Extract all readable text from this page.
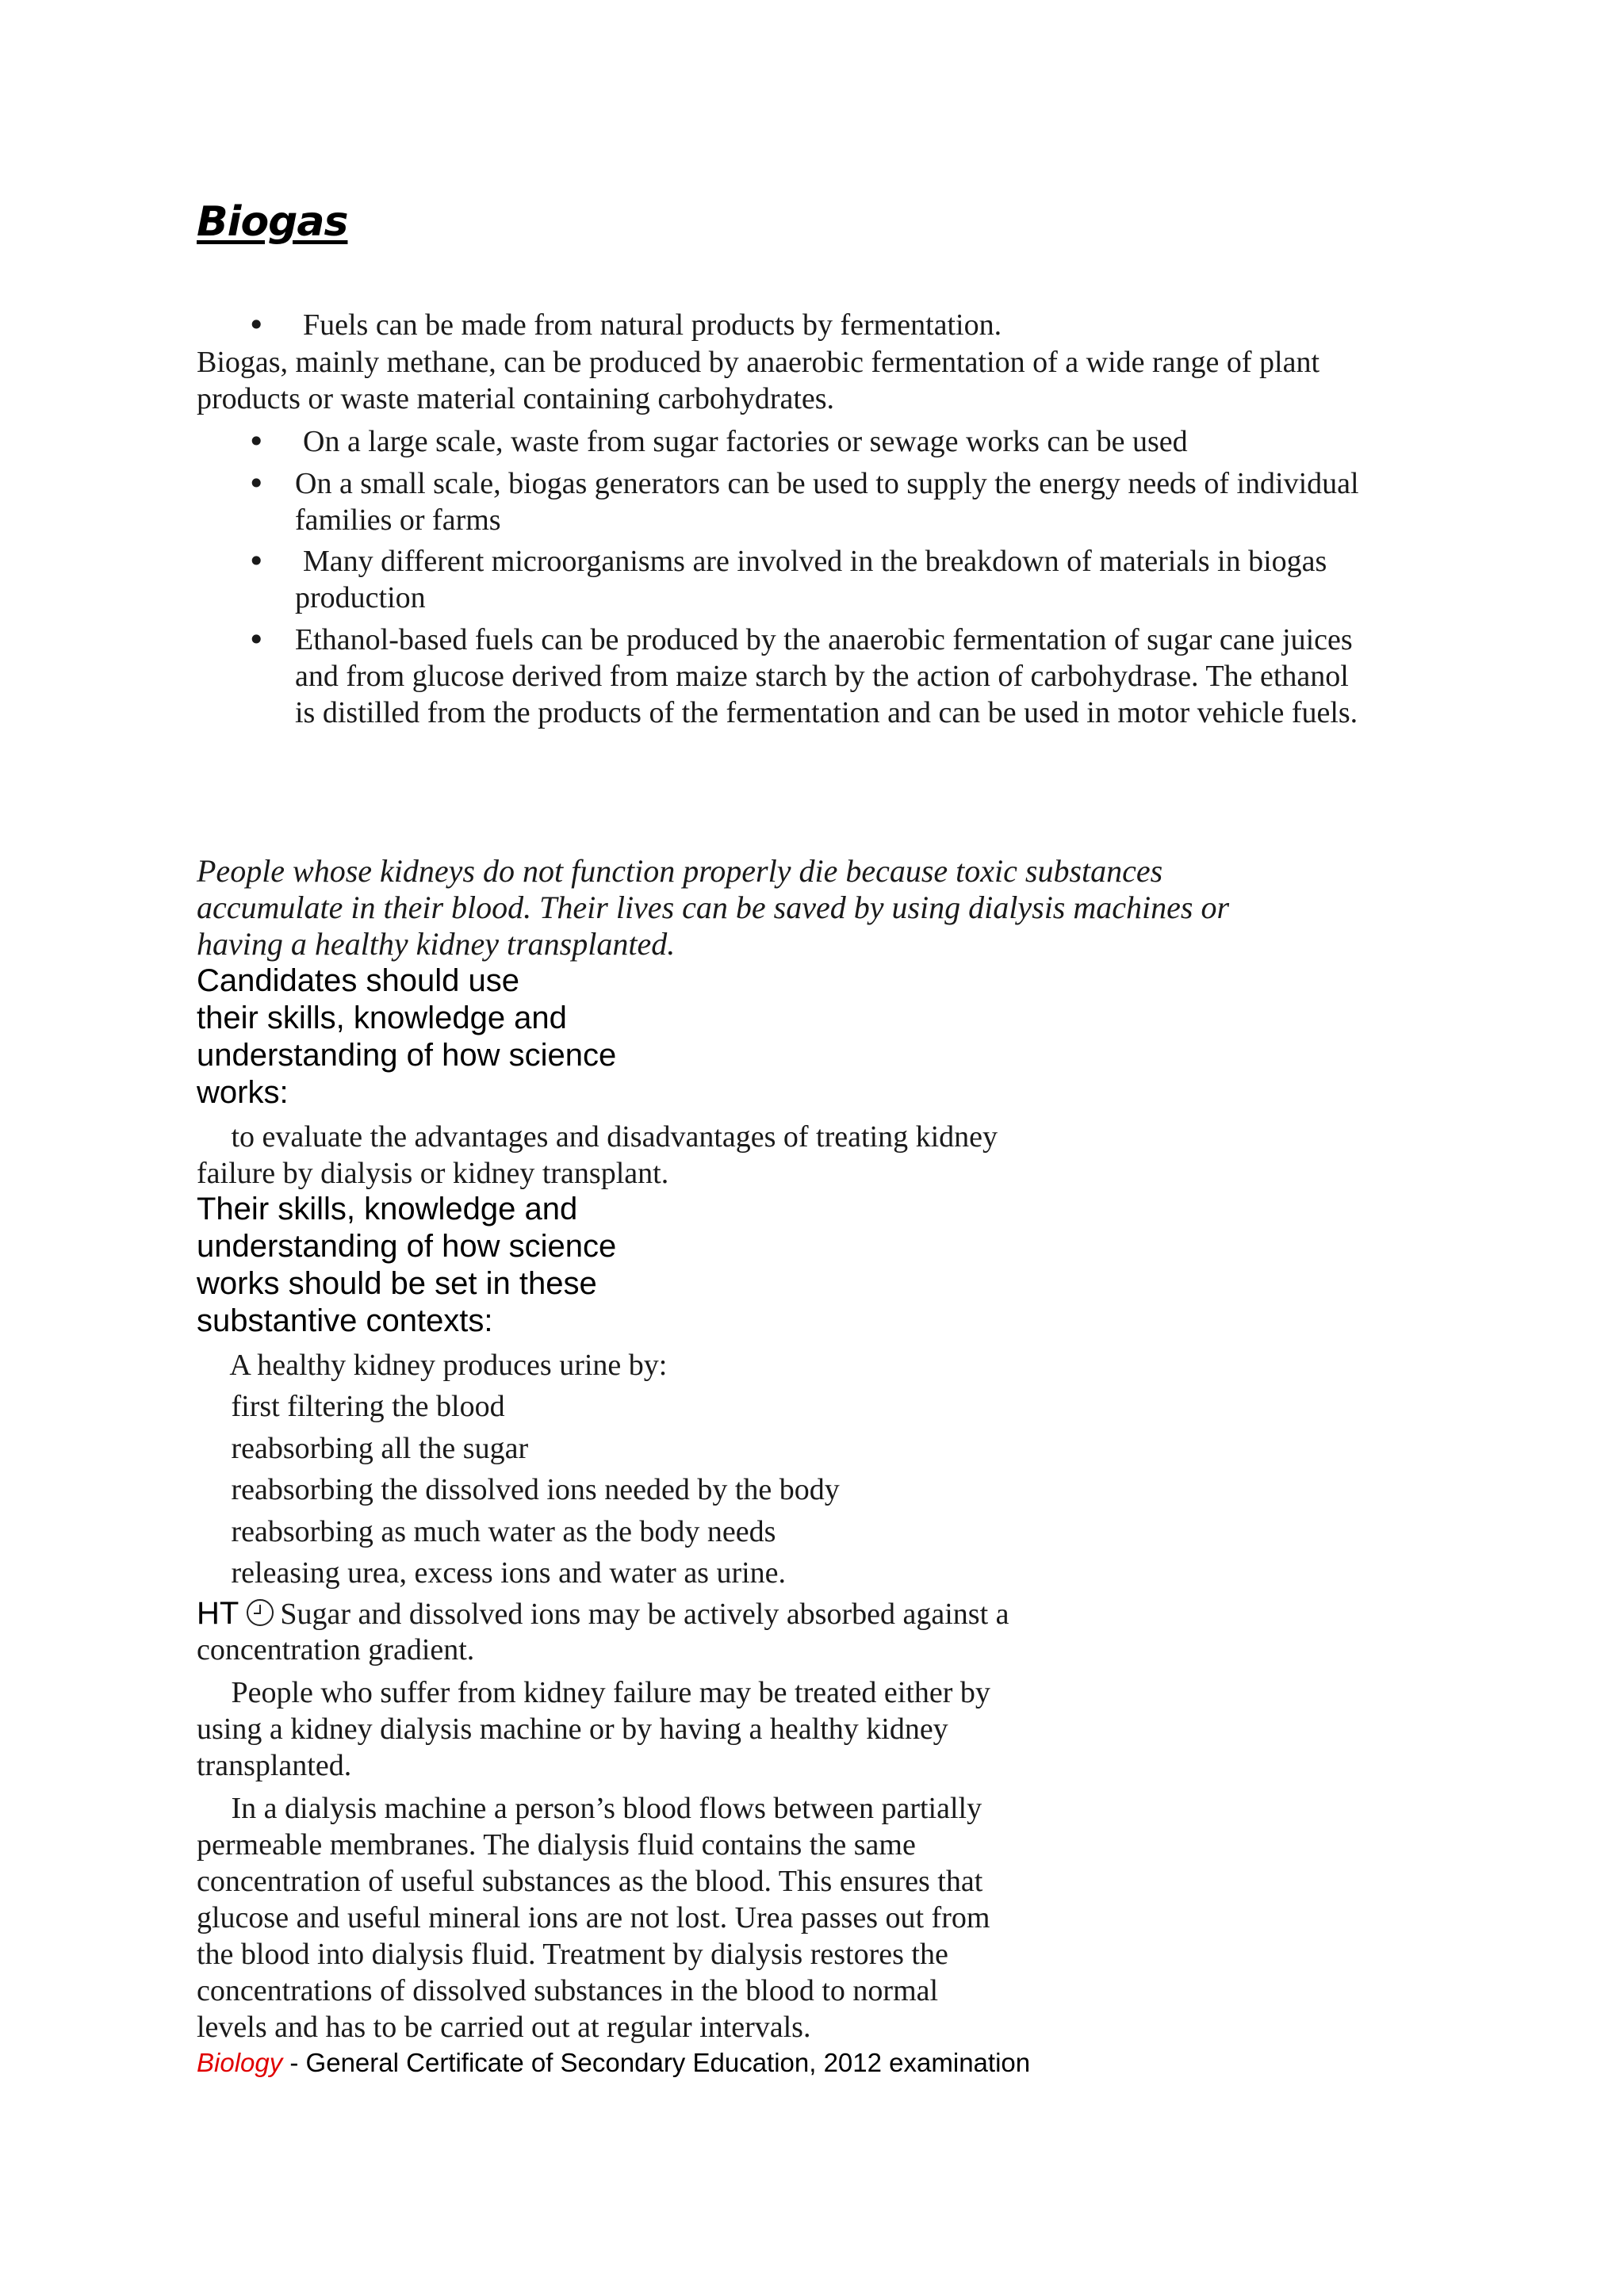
Biogas
• Fuels can be made from natural products by fermentation.
Biogas, mainly methane, can be produced by anaerobic fermentation of a wide range of plant
products or waste material containing carbohydrates.
• On a large scale, waste from sugar factories or sewage works can be used
• On a small scale, biogas generators can be used to supply the energy needs of individual
families or farms
• Many different microorganisms are involved in the breakdown of materials in biogas
production
• Ethanol-based fuels can be produced by the anaerobic fermentation of sugar cane juices
and from glucose derived from maize starch by the action of carbohydrase. The ethanol
is distilled from the products of the fermentation and can be used in motor vehicle fuels.
People whose kidneys do not function properly die because toxic substances
accumulate in their blood. Their lives can be saved by using dialysis machines or
having a healthy kidney transplanted.
Candidates should use
their skills, knowledge and
understanding of how science
works:
to evaluate the advantages and disadvantages of treating kidney
failure by dialysis or kidney transplant.
Their skills, knowledge and
understanding of how science
works should be set in these
substantive contexts:
A healthy kidney produces urine by:
first filtering the blood
reabsorbing all the sugar
reabsorbing the dissolved ions needed by the body
reabsorbing as much water as the body needs
releasing urea, excess ions and water as urine.
HT Sugar and dissolved ions may be actively absorbed against a
concentration gradient.
People who suffer from kidney failure may be treated either by
using a kidney dialysis machine or by having a healthy kidney
transplanted.
In a dialysis machine a person’s blood flows between partially
permeable membranes. The dialysis fluid contains the same
concentration of useful substances as the blood. This ensures that
glucose and useful mineral ions are not lost. Urea passes out from
the blood into dialysis fluid. Treatment by dialysis restores the
concentrations of dissolved substances in the blood to normal
levels and has to be carried out at regular intervals.
Biology - General Certificate of Secondary Education, 2012 examination
